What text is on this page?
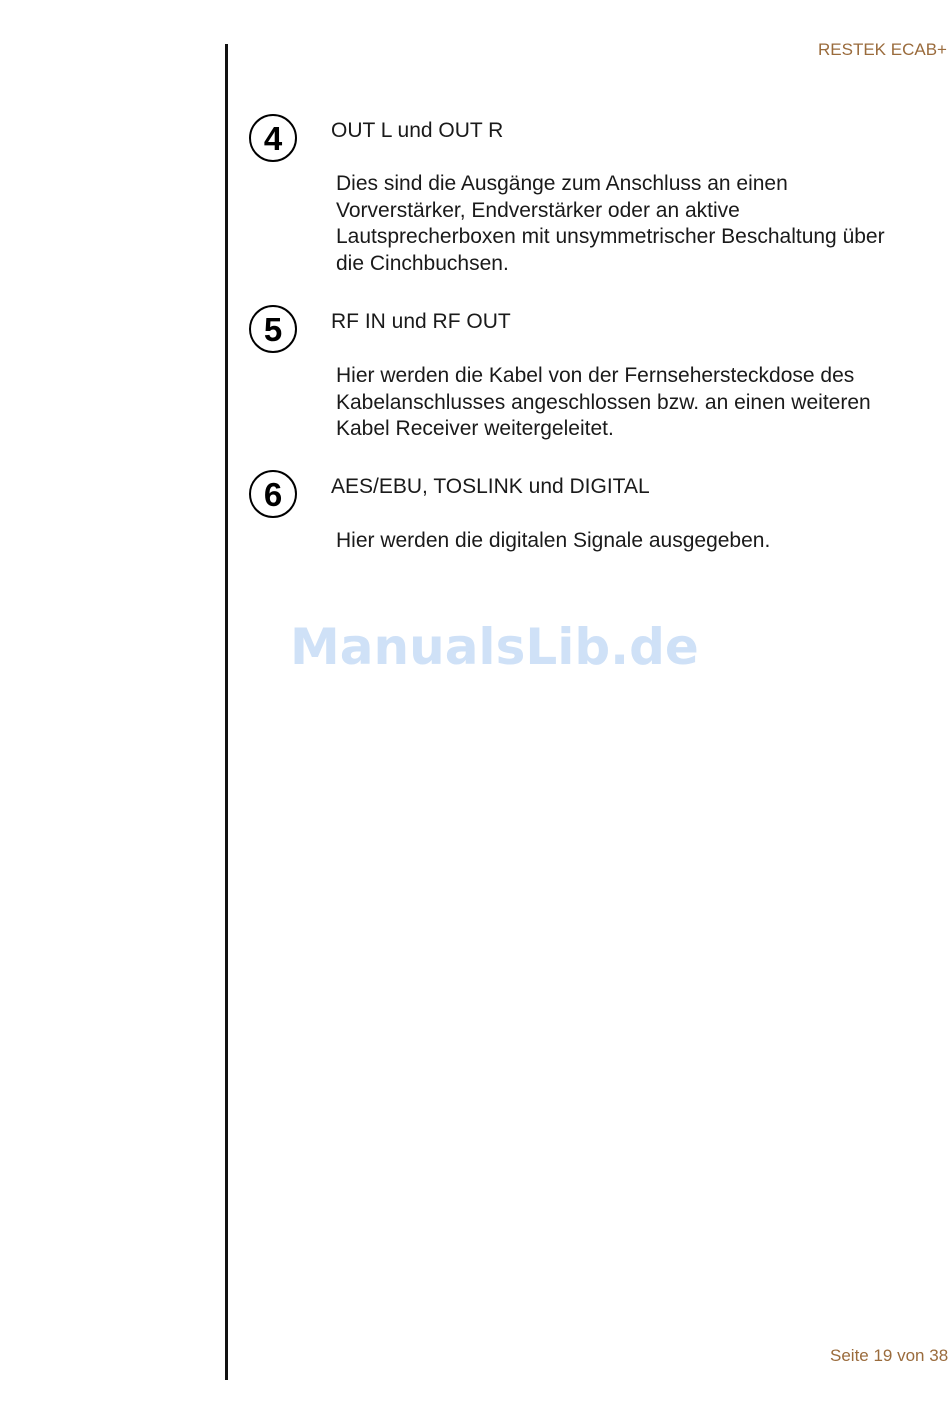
RESTEK ECAB+
4	OUT L und OUT R
Dies sind die Ausgänge zum Anschluss an einen
Vorverstärker, Endverstärker oder an aktive
Lautsprecherboxen mit unsymmetrischer Beschaltung über
die Cinchbuchsen.
5	RF IN und RF OUT
Hier werden die Kabel von der Fernsehersteckdose des
Kabelanschlusses angeschlossen bzw. an einen weiteren
Kabel Receiver weitergeleitet.
6	AES/EBU, TOSLINK und DIGITAL
Hier werden die digitalen Signale ausgegeben.
ManualsLib.de
Seite 19 von 38
